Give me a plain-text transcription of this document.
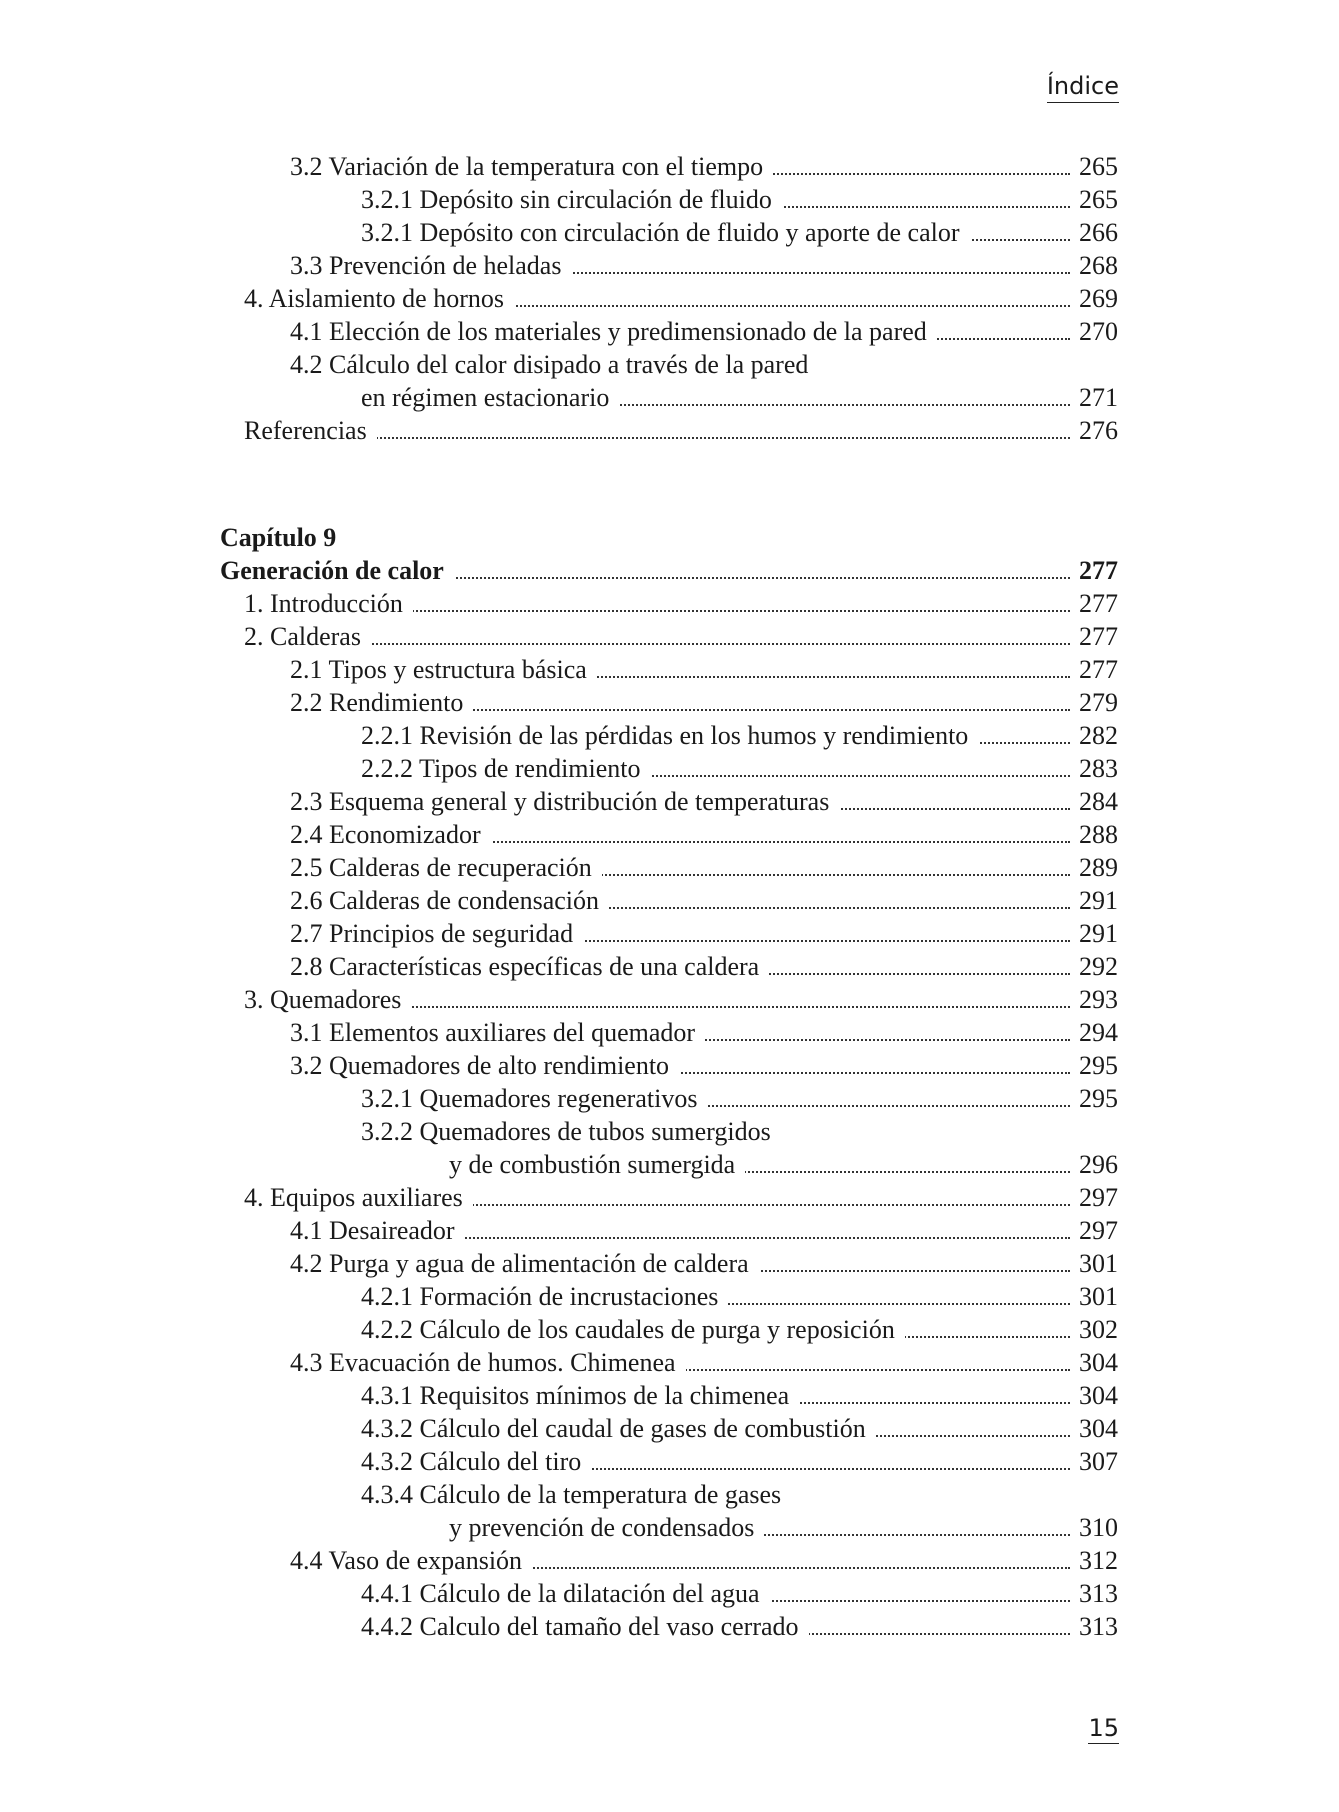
Índice
3.2 Variación de la temperatura con el tiempo	265
3.2.1 Depósito sin circulación de fluido	265
3.2.1 Depósito con circulación de fluido y aporte de calor	266
3.3 Prevención de heladas	268
4. Aislamiento de hornos	269
4.1 Elección de los materiales y predimensionado de la pared	270
4.2 Cálculo del calor disipado a través de la pared
en régimen estacionario	271
Referencias	276
Capítulo 9
Generación de calor	277
1. Introducción	277
2. Calderas	277
2.1 Tipos y estructura básica	277
2.2 Rendimiento	279
2.2.1 Revisión de las pérdidas en los humos y rendimiento	282
2.2.2 Tipos de rendimiento	283
2.3 Esquema general y distribución de temperaturas	284
2.4 Economizador	288
2.5 Calderas de recuperación	289
2.6 Calderas de condensación	291
2.7 Principios de seguridad	291
2.8 Características específicas de una caldera	292
3. Quemadores	293
3.1 Elementos auxiliares del quemador	294
3.2 Quemadores de alto rendimiento	295
3.2.1 Quemadores regenerativos	295
3.2.2 Quemadores de tubos sumergidos
y de combustión sumergida	296
4. Equipos auxiliares	297
4.1 Desaireador	297
4.2 Purga y agua de alimentación de caldera	301
4.2.1 Formación de incrustaciones	301
4.2.2 Cálculo de los caudales de purga y reposición	302
4.3 Evacuación de humos. Chimenea	304
4.3.1 Requisitos mínimos de la chimenea	304
4.3.2 Cálculo del caudal de gases de combustión	304
4.3.2 Cálculo del tiro	307
4.3.4 Cálculo de la temperatura de gases
y prevención de condensados	310
4.4 Vaso de expansión	312
4.4.1 Cálculo de la dilatación del agua	313
4.4.2 Calculo del tamaño del vaso cerrado	313
15
